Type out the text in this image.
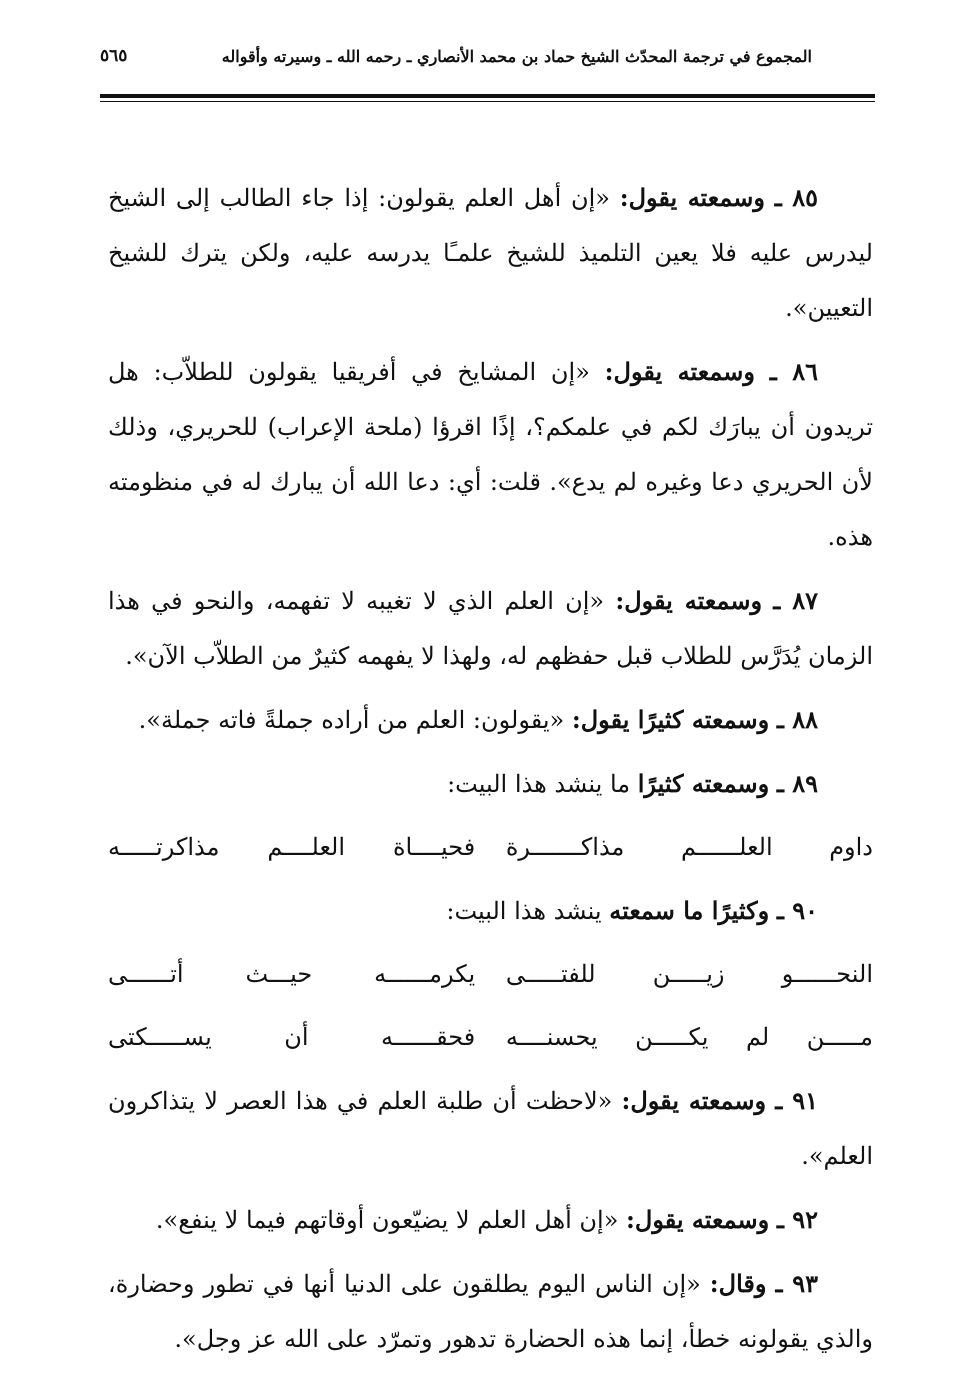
المجموع في ترجمة المحدّث الشيخ حماد بن محمد الأنصاري ـ رحمه الله ـ وسيرته وأقواله
٥٦٥

٨٥ ـ وسمعته يقول: «إن أهل العلم يقولون: إذا جاء الطالب إلى الشيخ ليدرس عليه فلا يعين التلميذ للشيخ علمـًا يدرسه عليه، ولكن يترك للشيخ التعيين».

٨٦ ـ وسمعته يقول: «إن المشايخ في أفريقيا يقولون للطلاّب: هل تريدون أن يبارَك لكم في علمكم؟، إذًا اقرؤا (ملحة الإعراب) للحريري، وذلك لأن الحريري دعا وغيره لم يدع». قلت: أي: دعا الله أن يبارك له في منظومته هذه.

٨٧ ـ وسمعته يقول: «إن العلم الذي لا تغيبه لا تفهمه، والنحو في هذا الزمان يُدَرَّس للطلاب قبل حفظهم له، ولهذا لا يفهمه كثيرٌ من الطلاّب الآن».

٨٨ ـ وسمعته كثيرًا يقول: «يقولون: العلم من أراده جملةً فاته جملة».

٨٩ ـ وسمعته كثيرًا ما ينشد هذا البيت:

داوم العلــــــم مذاكـــــــرة
فحيــــاة العلــــم مذاكرتـــــه

٩٠ ـ وكثيرًا ما سمعته ينشد هذا البيت:

النحــــــو زيـــــن للفتـــــى
يكرمــــــه حيـــث أتــــــى
مـــــن لم يكـــــن يحسنــــه
فحقــــــه أن يســـــكتى

٩١ ـ وسمعته يقول: «لاحظت أن طلبة العلم في هذا العصر لا يتذاكرون العلم».

٩٢ ـ وسمعته يقول: «إن أهل العلم لا يضيّعون أوقاتهم فيما لا ينفع».

٩٣ ـ وقال: «إن الناس اليوم يطلقون على الدنيا أنها في تطور وحضارة، والذي يقولونه خطأ، إنما هذه الحضارة تدهور وتمرّد على الله عز وجل».
